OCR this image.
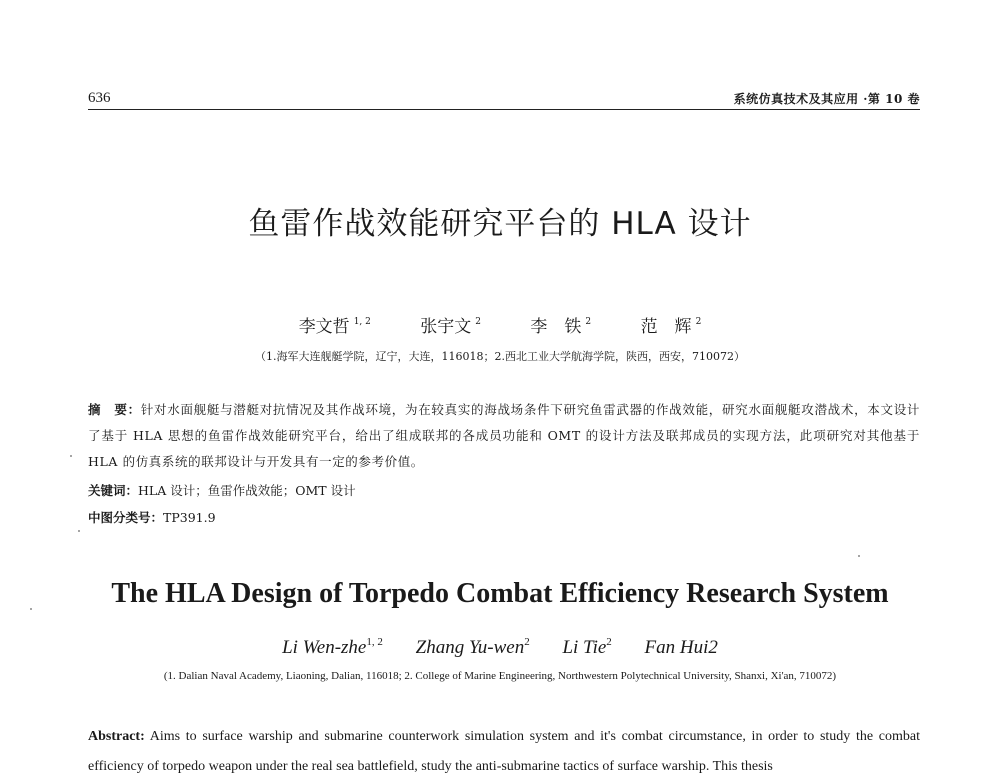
636	系统仿真技术及其应用 ·第 10 卷
鱼雷作战效能研究平台的 HLA 设计
李文哲 $^{1, 2}$	张宇文 $^2$	李　铁 $^2$	范　辉 $^2$
（1.海军大连舰艇学院，辽宁，大连，116018；2.西北工业大学航海学院，陕西，西安，710072）
摘　要：针对水面舰艇与潜艇对抗情况及其作战环境，为在较真实的海战场条件下研究鱼雷武器的作战效能，研究水面舰艇攻潜战术，本文设计了基于 HLA 思想的鱼雷作战效能研究平台，给出了组成联邦的各成员功能和 OMT 的设计方法及联邦成员的实现方法，此项研究对其他基于 HLA 的仿真系统的联邦设计与开发具有一定的参考价值。
关键词：HLA 设计；鱼雷作战效能；OMT 设计
中图分类号：TP391.9
The HLA Design of Torpedo Combat Efficiency Research System
Li Wen-zhe$^{1, 2}$ Zhang Yu-wen$^2$ Li Tie$^2$ Fan Hui2
(1. Dalian Naval Academy, Liaoning, Dalian, 116018; 2. College of Marine Engineering, Northwestern Polytechnical University, Shanxi, Xi'an, 710072)
Abstract: Aims to surface warship and submarine counterwork simulation system and it's combat circumstance, in order to study the combat efficiency of torpedo weapon under the real sea battlefield, study the anti-submarine tactics of surface warship. This thesis
